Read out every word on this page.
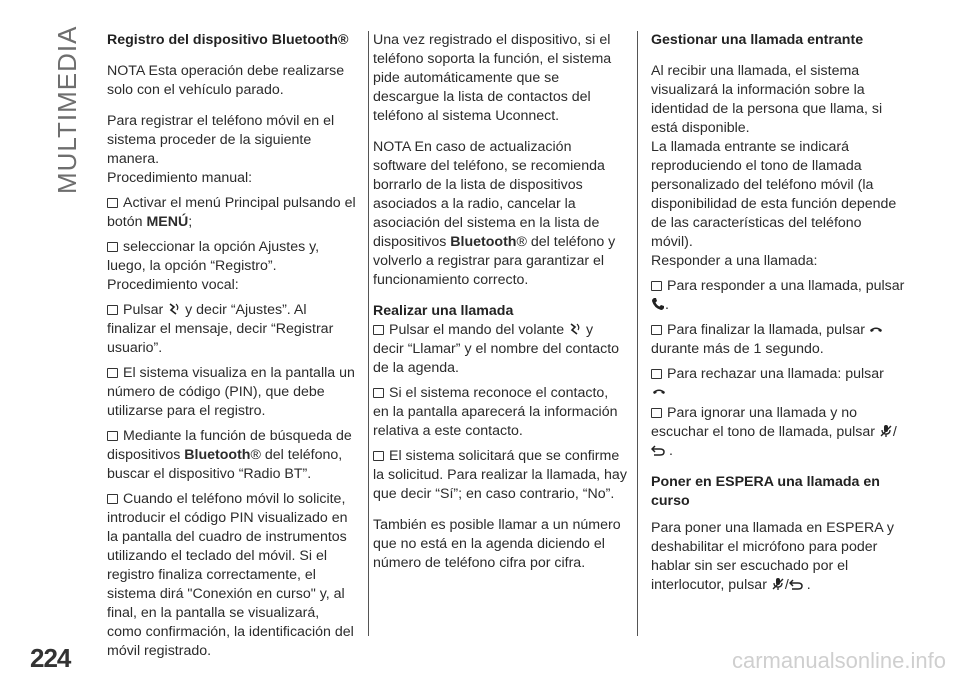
MULTIMEDIA Registro del dispositivo Bluetooth®

NOTA Esta operación debe realizarse solo con el vehículo parado.

Para registrar el teléfono móvil en el sistema proceder de la siguiente manera.

Procedimiento manual:

Activar el menú Principal pulsando el botón MENÚ;

seleccionar la opción Ajustes y, luego, la opción “Registro”.

Procedimiento vocal:

Pulsar
y decir “Ajustes”. Al finalizar el mensaje, decir “Registrar usuario”.

El sistema visualiza en la pantalla un número de código (PIN), que debe utilizarse para el registro.

Mediante la función de búsqueda de dispositivos Bluetooth® del teléfono, buscar el dispositivo “Radio BT”.

Cuando el teléfono móvil lo solicite, introducir el código PIN visualizado en la pantalla del cuadro de instrumentos utilizando el teclado del móvil. Si el registro finaliza correctamente, el sistema dirá "Conexión en curso" y, al final, en la pantalla se visualizará, como confirmación, la identificación del móvil registrado.

Una vez registrado el dispositivo, si el teléfono soporta la función, el sistema pide automáticamente que se descargue la lista de contactos del teléfono al sistema Uconnect.

NOTA En caso de actualización software del teléfono, se recomienda borrarlo de la lista de dispositivos asociados a la radio, cancelar la asociación del sistema en la lista de dispositivos Bluetooth® del teléfono y volverlo a registrar para garantizar el funcionamiento correcto.

Realizar una llamada

Pulsar el mando del volante
y decir “Llamar” y el nombre del contacto de la agenda.

Si el sistema reconoce el contacto, en la pantalla aparecerá la información relativa a este contacto.

El sistema solicitará que se confirme la solicitud. Para realizar la llamada, hay que decir “Sí”; en caso contrario, “No”.

También es posible llamar a un número que no está en la agenda diciendo el número de teléfono cifra por cifra.

Gestionar una llamada entrante

Al recibir una llamada, el sistema visualizará la información sobre la identidad de la persona que llama, si está disponible.

La llamada entrante se indicará reproduciendo el tono de llamada personalizado del teléfono móvil (la disponibilidad de esta función depende de las características del teléfono móvil).

Responder a una llamada:

Para responder a una llamada, pulsar
.

Para finalizar la llamada, pulsar
durante más de 1 segundo.

Para rechazar una llamada: pulsar

Para ignorar una llamada y no escuchar el tono de llamada, pulsar
/

.

Poner en ESPERA una llamada en curso

Para poner una llamada en ESPERA y deshabilitar el micrófono para poder hablar sin ser escuchado por el interlocutor, pulsar
/ .

224	carmanualsonline.info
